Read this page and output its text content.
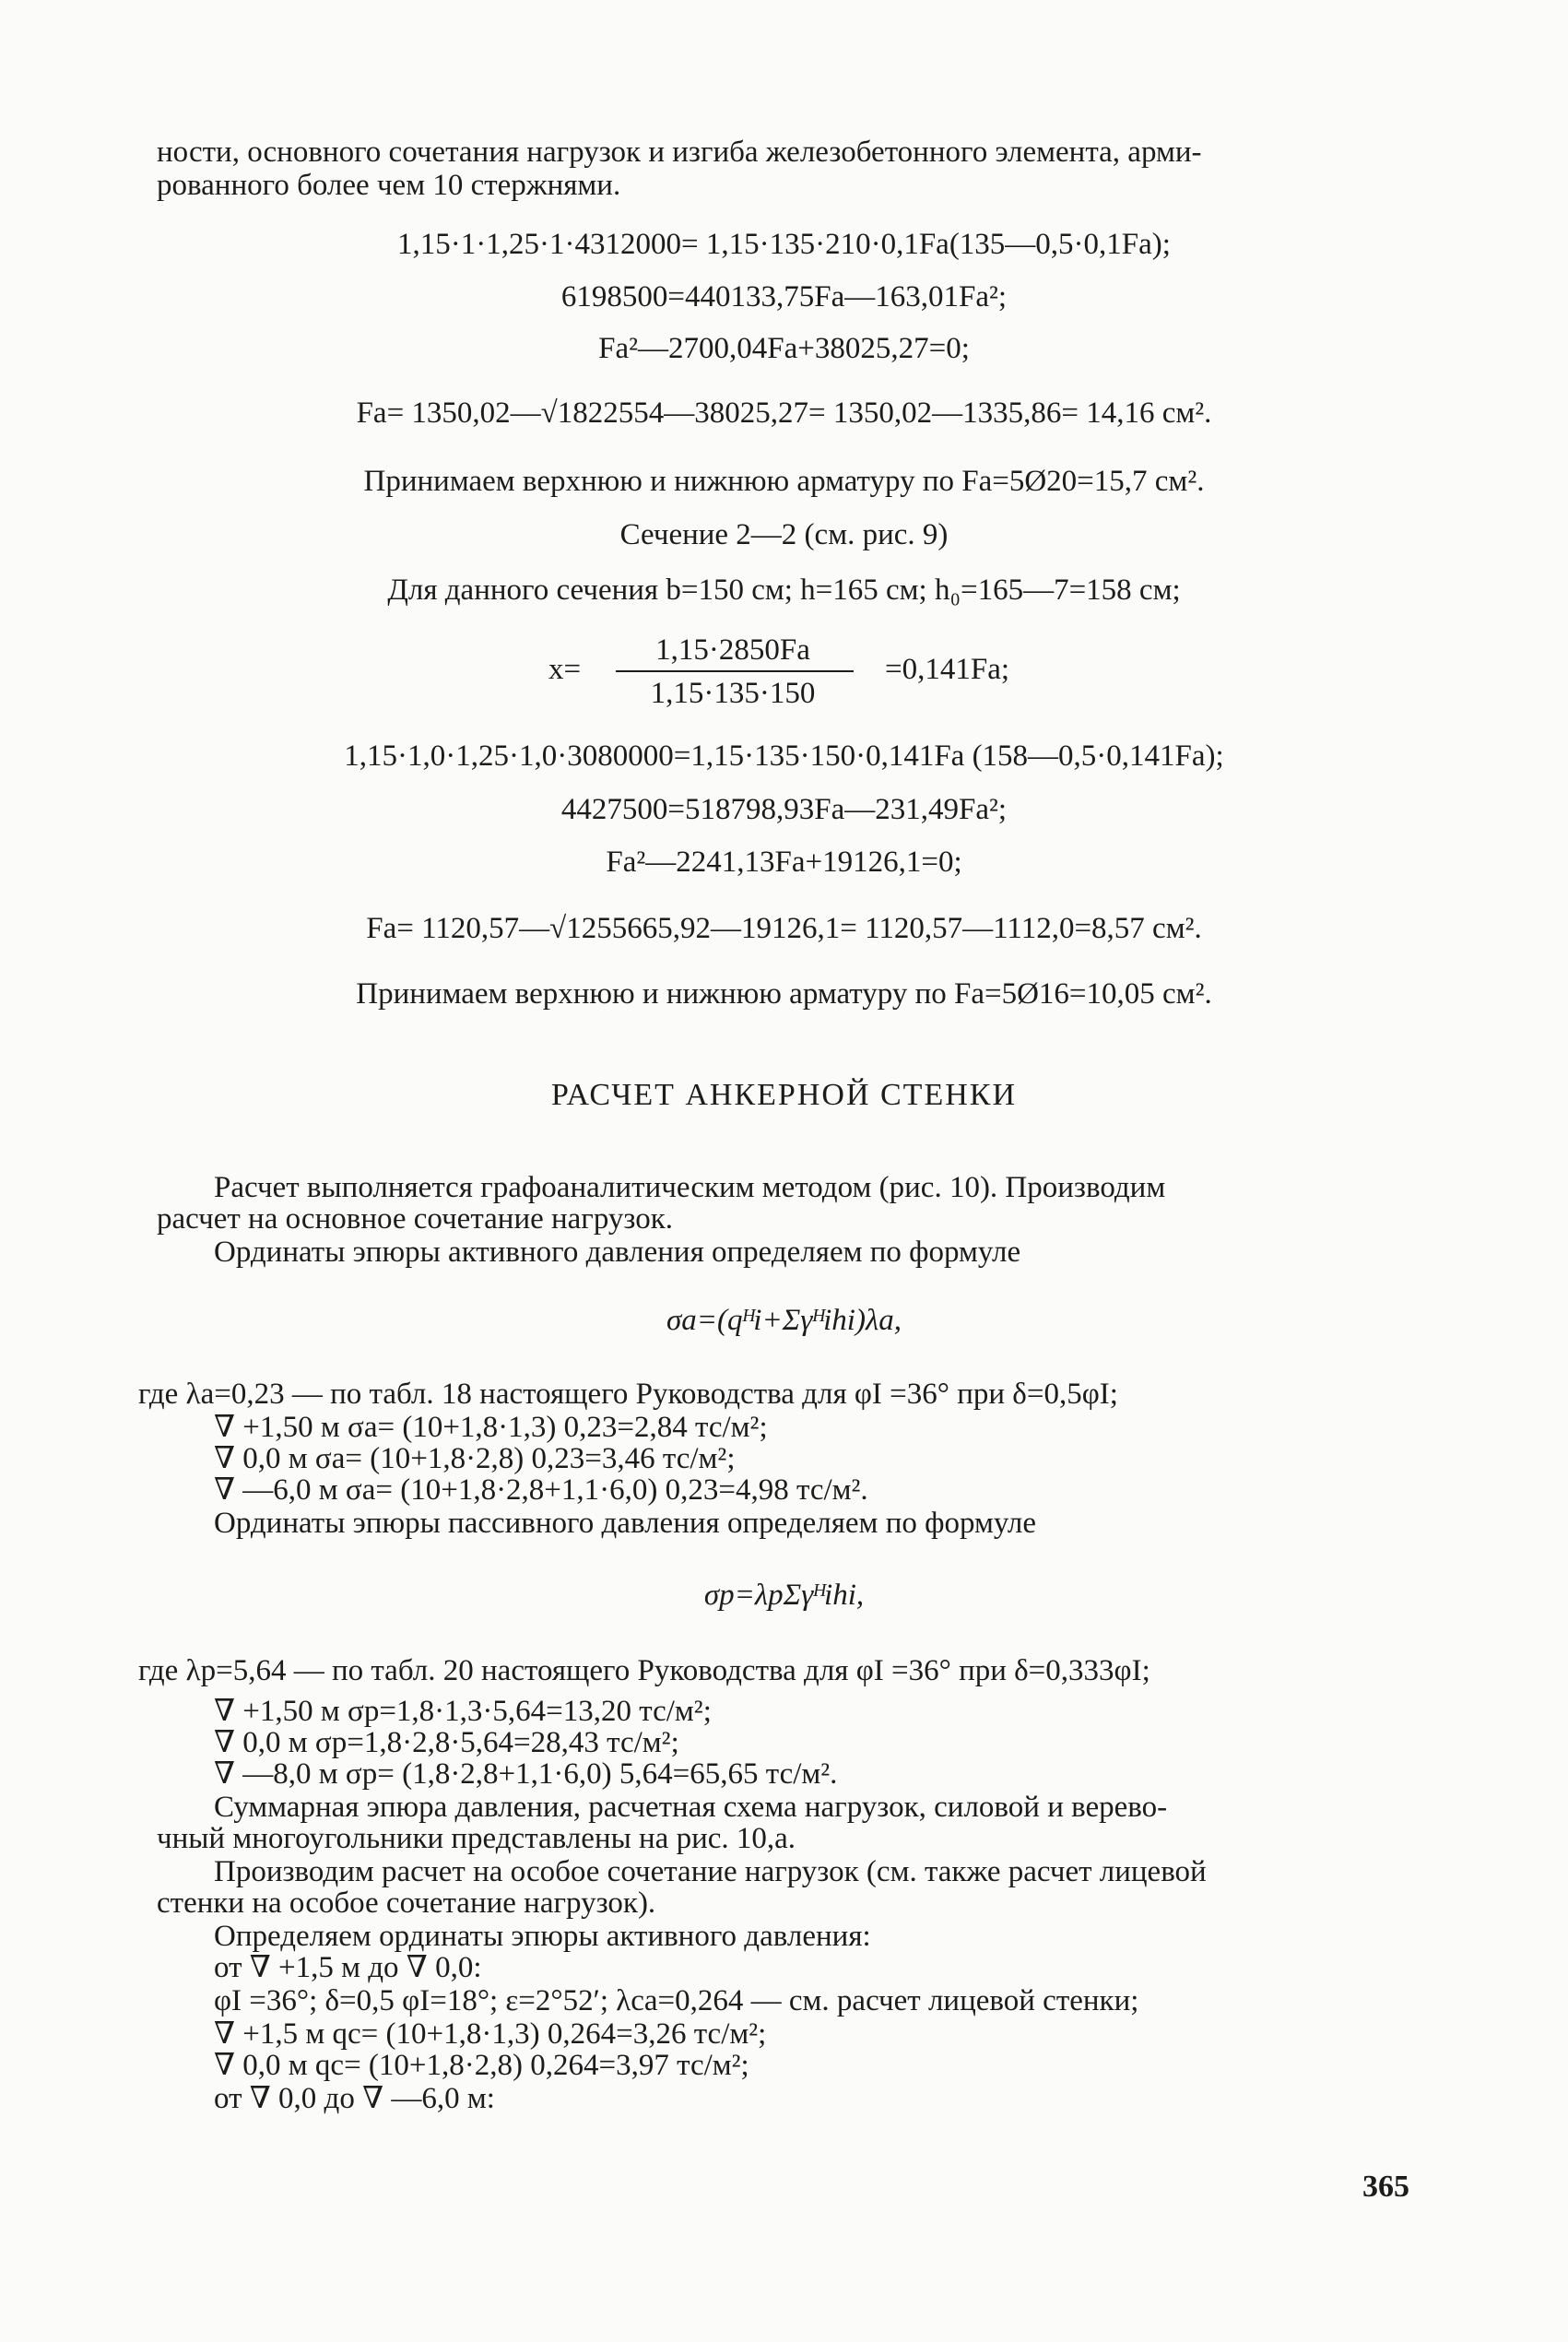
ности, основного сочетания нагрузок и изгиба железобетонного элемента, арми-
рованного более чем 10 стержнями.
1,15·1·1,25·1·4312000= 1,15·135·210·0,1Fа(135—0,5·0,1Fа);
6198500=440133,75Fа—163,01Fа²;
Fа²—2700,04Fа+38025,27=0;
Fа= 1350,02—√1822554—38025,27= 1350,02—1335,86= 14,16 см².
Принимаем верхнюю и нижнюю арматуру по Fа=5Ø20=15,7 см².
Сечение 2—2 (см. рис. 9)
Для данного сечения b=150 см; h=165 см; h₀=165—7=158 см;
x=
1,15·2850Fа
1,15·135·150
=0,141Fа;
1,15·1,0·1,25·1,0·3080000=1,15·135·150·0,141Fа (158—0,5·0,141Fа);
4427500=518798,93Fа—231,49Fа²;
Fа²—2241,13Fа+19126,1=0;
Fа= 1120,57—√1255665,92—19126,1= 1120,57—1112,0=8,57 см².
Принимаем верхнюю и нижнюю арматуру по Fа=5Ø16=10,05 см².
РАСЧЕТ АНКЕРНОЙ СТЕНКИ
Расчет выполняется графоаналитическим методом (рис. 10). Производим
расчет на основное сочетание нагрузок.
Ординаты эпюры активного давления определяем по формуле
σa=(qᴴi+Σγᴴihi)λa,
где λa=0,23 — по табл. 18 настоящего Руководства для φI =36° при δ=0,5φI;
∇ +1,50 м σa= (10+1,8·1,3) 0,23=2,84 тс/м²;
∇ 0,0 м σa= (10+1,8·2,8) 0,23=3,46 тс/м²;
∇ —6,0 м σa= (10+1,8·2,8+1,1·6,0) 0,23=4,98 тс/м².
Ординаты эпюры пассивного давления определяем по формуле
σp=λpΣγᴴihi,
где λp=5,64 — по табл. 20 настоящего Руководства для φI =36° при δ=0,333φI;
∇ +1,50 м σp=1,8·1,3·5,64=13,20 тс/м²;
∇ 0,0 м σp=1,8·2,8·5,64=28,43 тс/м²;
∇ —8,0 м σp= (1,8·2,8+1,1·6,0) 5,64=65,65 тс/м².
Суммарная эпюра давления, расчетная схема нагрузок, силовой и верево-
чный многоугольники представлены на рис. 10,a.
Производим расчет на особое сочетание нагрузок (см. также расчет лицевой
стенки на особое сочетание нагрузок).
Определяем ординаты эпюры активного давления:
от ∇ +1,5 м до ∇ 0,0:
φI =36°; δ=0,5 φI=18°; ε=2°52′; λca=0,264 — см. расчет лицевой стенки;
∇ +1,5 м qc= (10+1,8·1,3) 0,264=3,26 тс/м²;
∇ 0,0 м qc= (10+1,8·2,8) 0,264=3,97 тс/м²;
от ∇ 0,0 до ∇ —6,0 м:
365
